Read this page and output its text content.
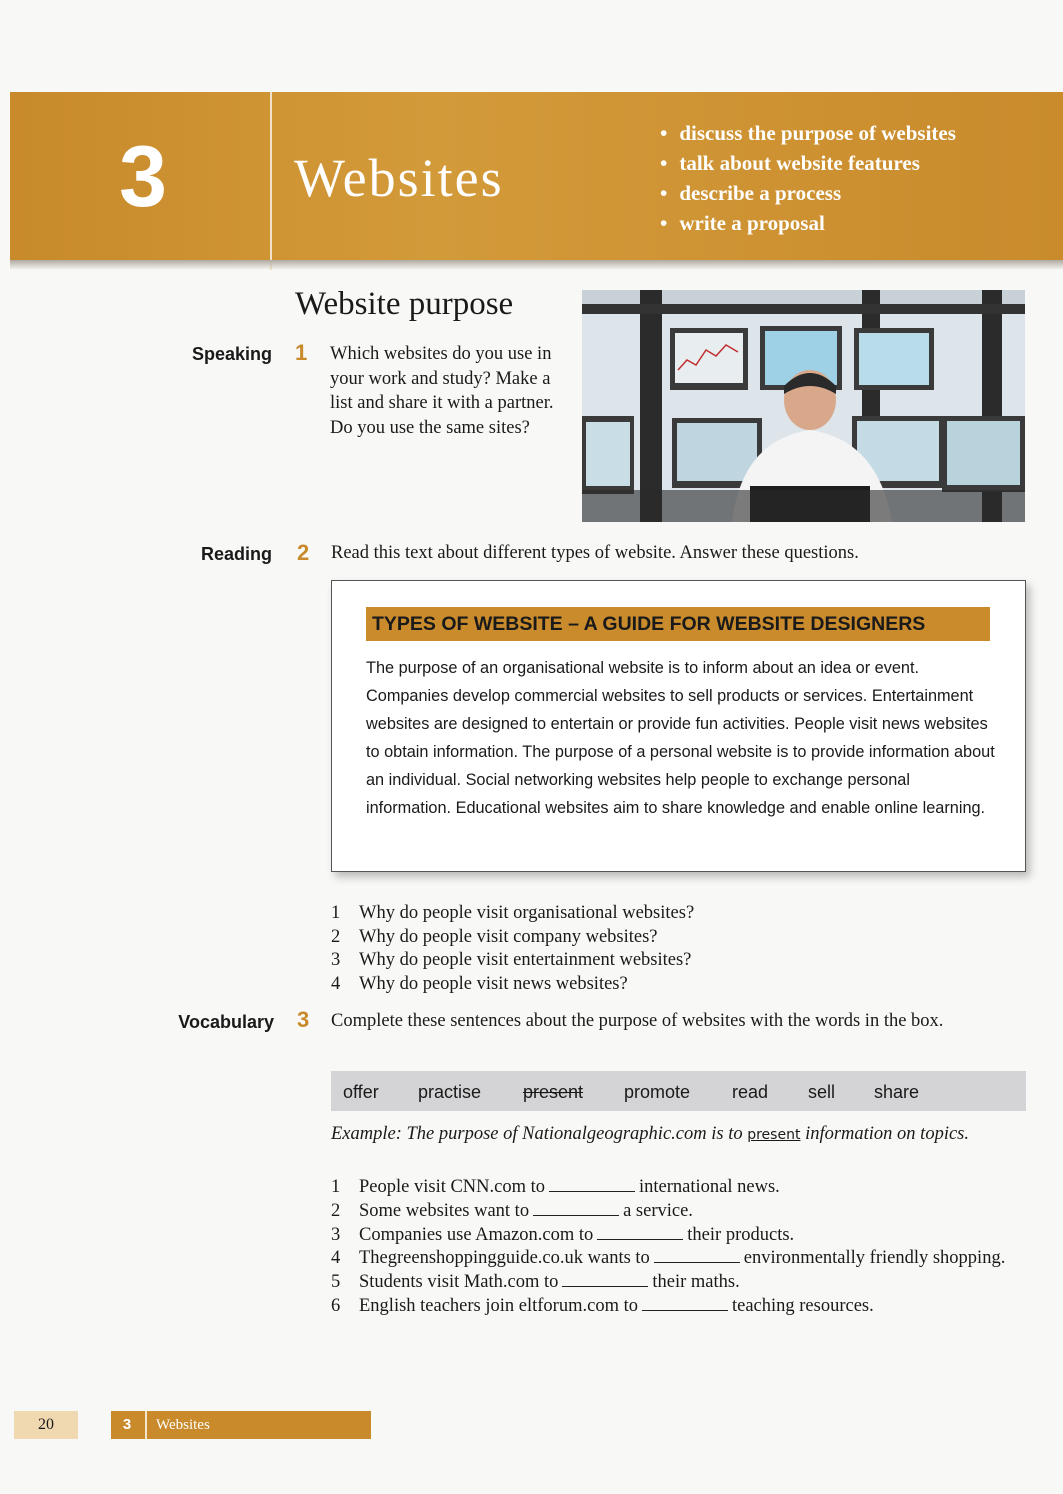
3 Websites
• discuss the purpose of websites
• talk about website features
• describe a process
• write a proposal
Website purpose
Speaking 1 Which websites do you use in your work and study? Make a list and share it with a partner. Do you use the same sites?
Reading 2 Read this text about different types of website. Answer these questions.
TYPES OF WEBSITE – A GUIDE FOR WEBSITE DESIGNERS
The purpose of an organisational website is to inform about an idea or event. Companies develop commercial websites to sell products or services. Entertainment websites are designed to entertain or provide fun activities. People visit news websites to obtain information. The purpose of a personal website is to provide information about an individual. Social networking websites help people to exchange personal information. Educational websites aim to share knowledge and enable online learning.
1	Why do people visit organisational websites?
2	Why do people visit company websites?
3	Why do people visit entertainment websites?
4	Why do people visit news websites?
Vocabulary 3 Complete these sentences about the purpose of websites with the words in the box.
offer practise present promote read sell share
Example: The purpose of Nationalgeographic.com is to present information on topics.
1	People visit CNN.com to	international news.
2	Some websites want to	a service.
3	Companies use Amazon.com to	their products.
4	Thegreenshoppingguide.co.uk wants to	environmentally friendly shopping.
5	Students visit Math.com to	their maths.
6	English teachers join eltforum.com to	teaching resources.
20	3	Websites
